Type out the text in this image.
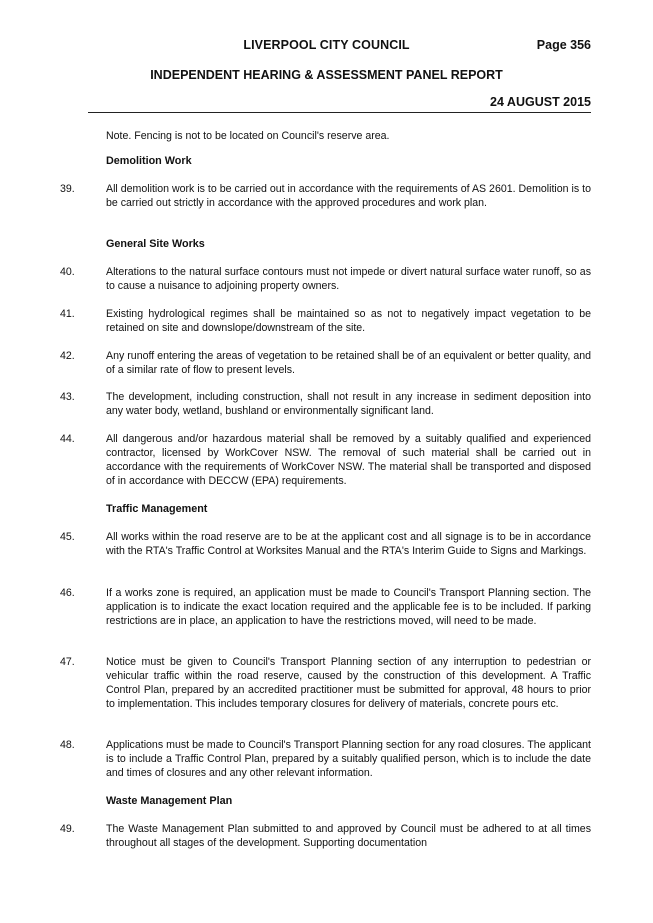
LIVERPOOL CITY COUNCIL	Page 356
INDEPENDENT HEARING & ASSESSMENT PANEL REPORT
24 AUGUST 2015
Note. Fencing is not to be located on Council's reserve area.
Demolition Work
39.	All demolition work is to be carried out in accordance with the requirements of AS 2601. Demolition is to be carried out strictly in accordance with the approved procedures and work plan.
General Site Works
40.	Alterations to the natural surface contours must not impede or divert natural surface water runoff, so as to cause a nuisance to adjoining property owners.
41.	Existing hydrological regimes shall be maintained so as not to negatively impact vegetation to be retained on site and downslope/downstream of the site.
42.	Any runoff entering the areas of vegetation to be retained shall be of an equivalent or better quality, and of a similar rate of flow to present levels.
43.	The development, including construction, shall not result in any increase in sediment deposition into any water body, wetland, bushland or environmentally significant land.
44.	All dangerous and/or hazardous material shall be removed by a suitably qualified and experienced contractor, licensed by WorkCover NSW. The removal of such material shall be carried out in accordance with the requirements of WorkCover NSW. The material shall be transported and disposed of in accordance with DECCW (EPA) requirements.
Traffic Management
45.	All works within the road reserve are to be at the applicant cost and all signage is to be in accordance with the RTA's Traffic Control at Worksites Manual and the RTA's Interim Guide to Signs and Markings.
46.	If a works zone is required, an application must be made to Council's Transport Planning section. The application is to indicate the exact location required and the applicable fee is to be included. If parking restrictions are in place, an application to have the restrictions moved, will need to be made.
47.	Notice must be given to Council's Transport Planning section of any interruption to pedestrian or vehicular traffic within the road reserve, caused by the construction of this development. A Traffic Control Plan, prepared by an accredited practitioner must be submitted for approval, 48 hours to prior to implementation. This includes temporary closures for delivery of materials, concrete pours etc.
48.	Applications must be made to Council's Transport Planning section for any road closures. The applicant is to include a Traffic Control Plan, prepared by a suitably qualified person, which is to include the date and times of closures and any other relevant information.
Waste Management Plan
49.	The Waste Management Plan submitted to and approved by Council must be adhered to at all times throughout all stages of the development. Supporting documentation
